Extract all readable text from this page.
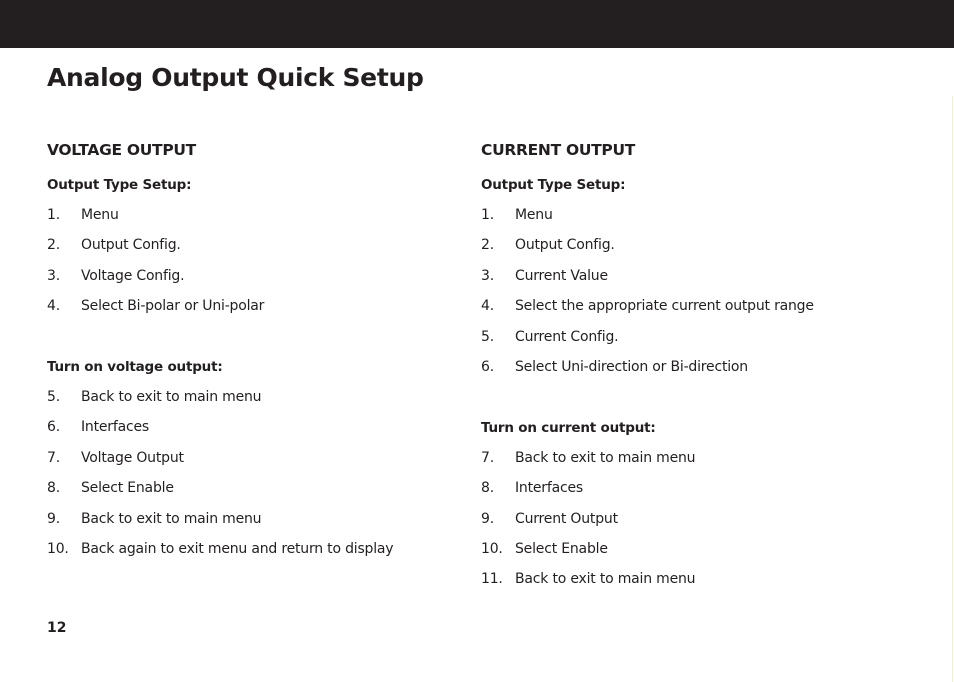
Analog Output Quick Setup
VOLTAGE OUTPUT
Output Type Setup:
1.	Menu
2.	Output Config.
3.	Voltage Config.
4.	Select Bi-polar or Uni-polar
Turn on voltage output:
5.	Back to exit to main menu
6.	Interfaces
7.	Voltage Output
8.	Select Enable
9.	Back to exit to main menu
10. Back again to exit menu and return to display
CURRENT OUTPUT
Output Type Setup:
1.	Menu
2.	Output Config.
3.	Current Value
4.	Select the appropriate current output range
5.	Current Config.
6.	Select Uni-direction or Bi-direction
Turn on current output:
7.	Back to exit to main menu
8.	Interfaces
9.	Current Output
10. Select Enable
11. Back to exit to main menu
12
